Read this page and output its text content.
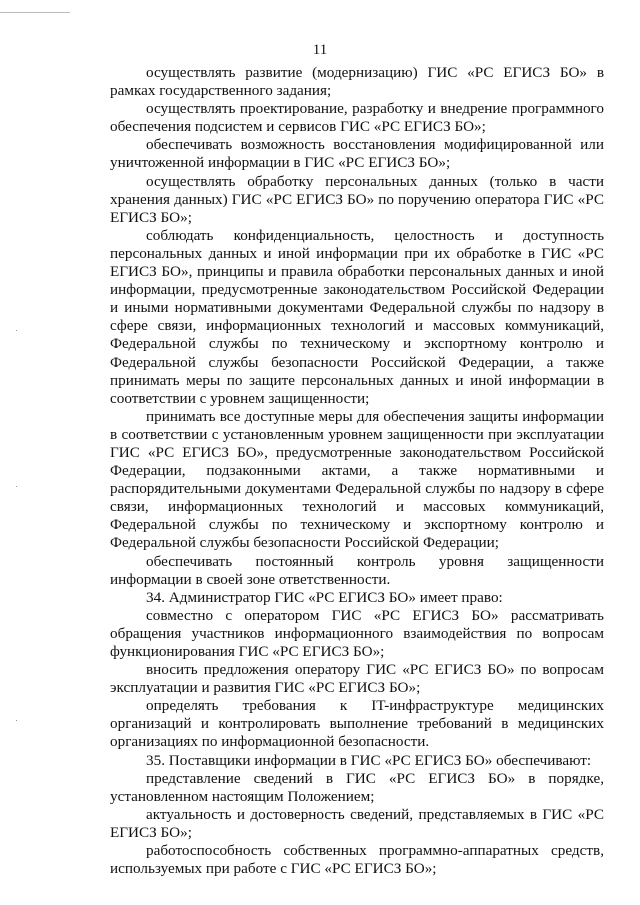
11

осуществлять развитие (модернизацию) ГИС «РС ЕГИСЗ БО» в рамках государственного задания;

осуществлять проектирование, разработку и внедрение программного обеспечения подсистем и сервисов ГИС «РС ЕГИСЗ БО»;

обеспечивать возможность восстановления модифицированной или уничтоженной информации в ГИС «РС ЕГИСЗ БО»;

осуществлять обработку персональных данных (только в части хранения данных) ГИС «РС ЕГИСЗ БО» по поручению оператора ГИС «РС ЕГИСЗ БО»;

соблюдать конфиденциальность, целостность и доступность персональных данных и иной информации при их обработке в ГИС «РС ЕГИСЗ БО», принципы и правила обработки персональных данных и иной информации, предусмотренные законодательством Российской Федерации и иными нормативными документами Федеральной службы по надзору в сфере связи, информационных технологий и массовых коммуникаций, Федеральной службы по техническому и экспортному контролю и Федеральной службы безопасности Российской Федерации, а также принимать меры по защите персональных данных и иной информации в соответствии с уровнем защищенности;

принимать все доступные меры для обеспечения защиты информации в соответствии с установленным уровнем защищенности при эксплуатации ГИС «РС ЕГИСЗ БО», предусмотренные законодательством Российской Федерации, подзаконными актами, а также нормативными и распорядительными документами Федеральной службы по надзору в сфере связи, информационных технологий и массовых коммуникаций, Федеральной службы по техническому и экспортному контролю и Федеральной службы безопасности Российской Федерации;

обеспечивать постоянный контроль уровня защищенности информации в своей зоне ответственности.

34. Администратор ГИС «РС ЕГИСЗ БО» имеет право:

совместно с оператором ГИС «РС ЕГИСЗ БО» рассматривать обращения участников информационного взаимодействия по вопросам функционирования ГИС «РС ЕГИСЗ БО»;

вносить предложения оператору ГИС «РС ЕГИСЗ БО» по вопросам эксплуатации и развития ГИС «РС ЕГИСЗ БО»;

определять требования к IT-инфраструктуре медицинских организаций и контролировать выполнение требований в медицинских организациях по информационной безопасности.

35. Поставщики информации в ГИС «РС ЕГИСЗ БО» обеспечивают:

представление сведений в ГИС «РС ЕГИСЗ БО» в порядке, установленном настоящим Положением;

актуальность и достоверность сведений, представляемых в ГИС «РС ЕГИСЗ БО»;

работоспособность собственных программно-аппаратных средств, используемых при работе с ГИС «РС ЕГИСЗ БО»;
